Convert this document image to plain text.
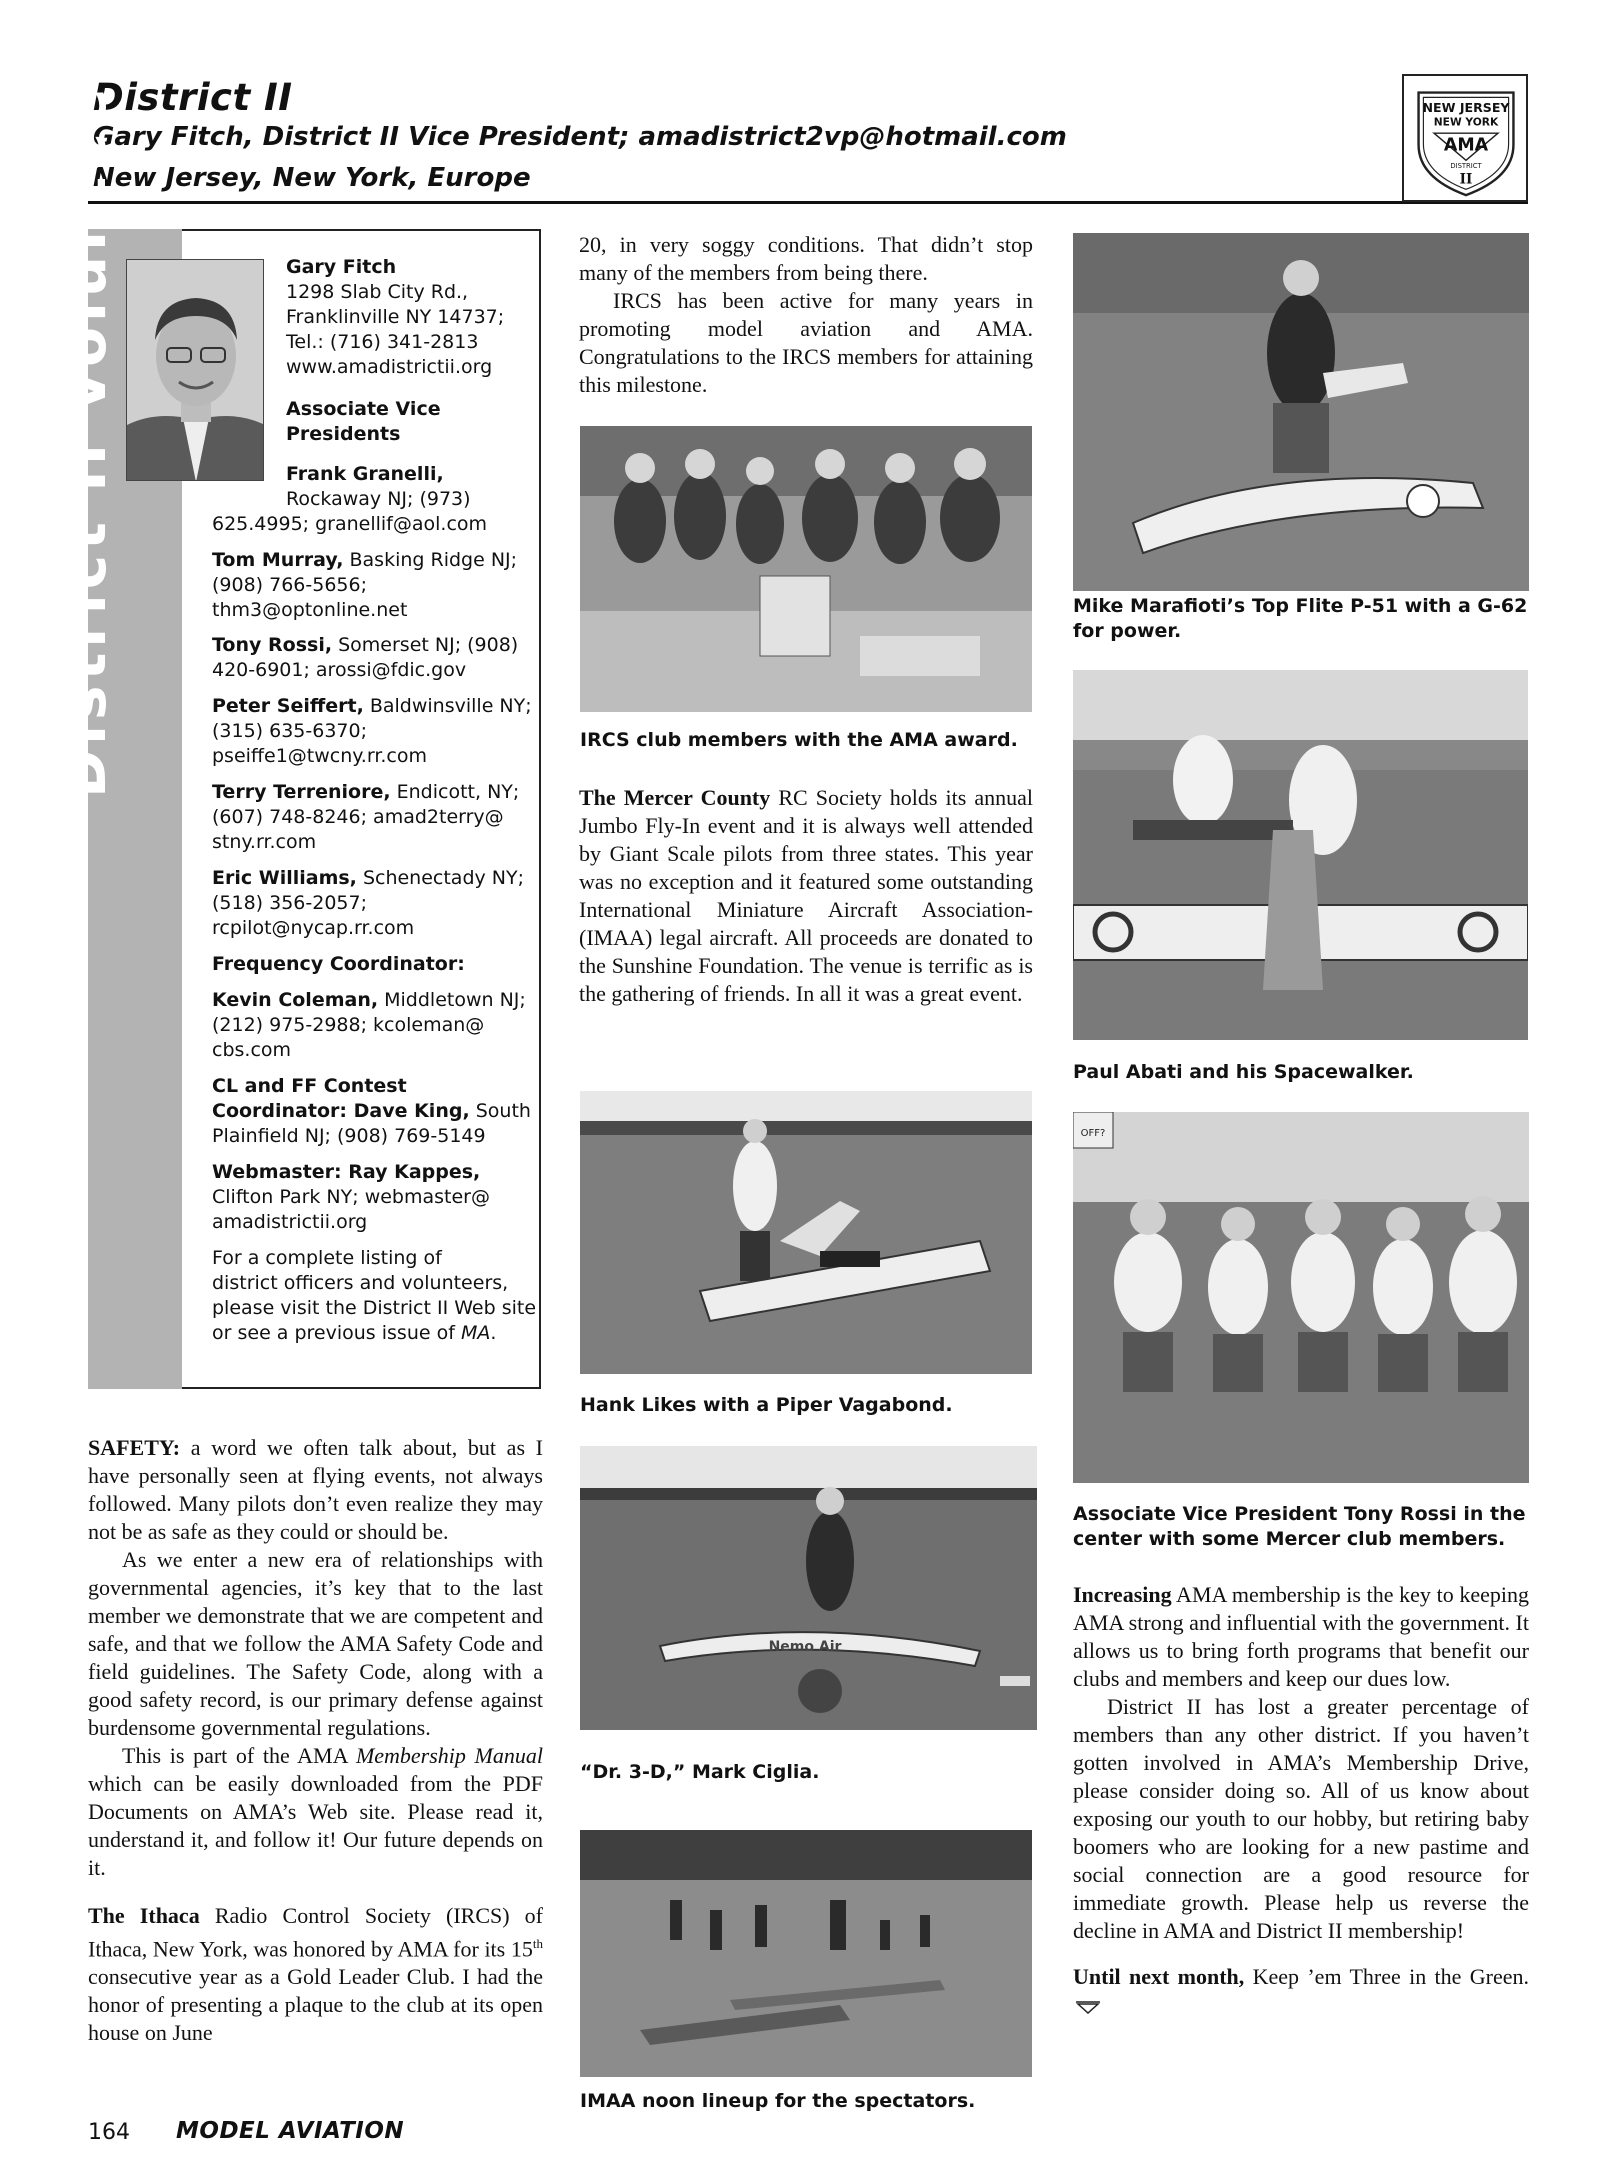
District II
Gary Fitch, District II Vice President; amadistrict2vp@hotmail.com
New Jersey, New York, Europe
NEW JERSEY
NEW YORK
AMA
DISTRICT
II
District II Volunteers	Gary Fitch
1298 Slab City Rd.,
Franklinville NY 14737;
Tel.: (716) 341-2813
www.amadistrictii.org
Associate Vice
Presidents
Frank Granelli,
Rockaway NJ; (973)
625.4995; granellif@aol.com
Tom Murray, Basking Ridge NJ;
(908) 766-5656;
thm3@optonline.net
Tony Rossi, Somerset NJ; (908)
420-6901; arossi@fdic.gov
Peter Seiffert, Baldwinsville NY;
(315) 635-6370;
pseiffe1@twcny.rr.com
Terry Terreniore, Endicott, NY;
(607) 748-8246; amad2terry@
stny.rr.com
Eric Williams, Schenectady NY;
(518) 356-2057;
rcpilot@nycap.rr.com
Frequency Coordinator:
Kevin Coleman, Middletown NJ;
(212) 975-2988; kcoleman@
cbs.com
CL and FF Contest
Coordinator: Dave King, South
Plainfield NJ; (908) 769-5149
Webmaster: Ray Kappes,
Clifton Park NY; webmaster@
amadistrictii.org
For a complete listing of
district officers and volunteers,
please visit the District II Web site
or see a previous issue of MA.

SAFETY: a word we often talk about, but as I have personally seen at flying events, not always followed. Many pilots don’t even realize they may not be as safe as they could or should be.

As we enter a new era of relationships with governmental agencies, it’s key that to the last member we demonstrate that we are competent and safe, and that we follow the AMA Safety Code and field guidelines. The Safety Code, along with a good safety record, is our primary defense against burdensome governmental regulations.

This is part of the AMA Membership Manual which can be easily downloaded from the PDF Documents on AMA’s Web site. Please read it, understand it, and follow it! Our future depends on it.

The Ithaca Radio Control Society (IRCS) of Ithaca, New York, was honored by AMA for its 15th consecutive year as a Gold Leader Club. I had the honor of presenting a plaque to the club at its open house on June

20, in very soggy conditions. That didn’t stop many of the members from being there.

IRCS has been active for many years in promoting model aviation and AMA. Congratulations to the IRCS members for attaining this milestone.

IRCS club members with the AMA award.

The Mercer County RC Society holds its annual Jumbo Fly-In event and it is always well attended by Giant Scale pilots from three states. This year was no exception and it featured some outstanding International Miniature Aircraft Association- (IMAA) legal aircraft. All proceeds are donated to the Sunshine Foundation. The venue is terrific as is the gathering of friends. In all it was a great event.

Hank Likes with a Piper Vagabond.
Nemo Air
“Dr. 3-D,” Mark Ciglia.
IMAA noon lineup for the spectators.
Mike Marafioti’s Top Flite P-51 with a G-62
for power.
Paul Abati and his Spacewalker.
OFF?
Associate Vice President Tony Rossi in the
center with some Mercer club members.

Increasing AMA membership is the key to keeping AMA strong and influential with the government. It allows us to bring forth programs that benefit our clubs and members and keep our dues low.

District II has lost a greater percentage of members than any other district. If you haven’t gotten involved in AMA’s Membership Drive, please consider doing so. All of us know about exposing our youth to our hobby, but retiring baby boomers who are looking for a new pastime and social connection are a good resource for immediate growth. Please help us reverse the decline in AMA and District II membership!

Until next month, Keep ’em Three in the Green.

164 MODEL AVIATION
